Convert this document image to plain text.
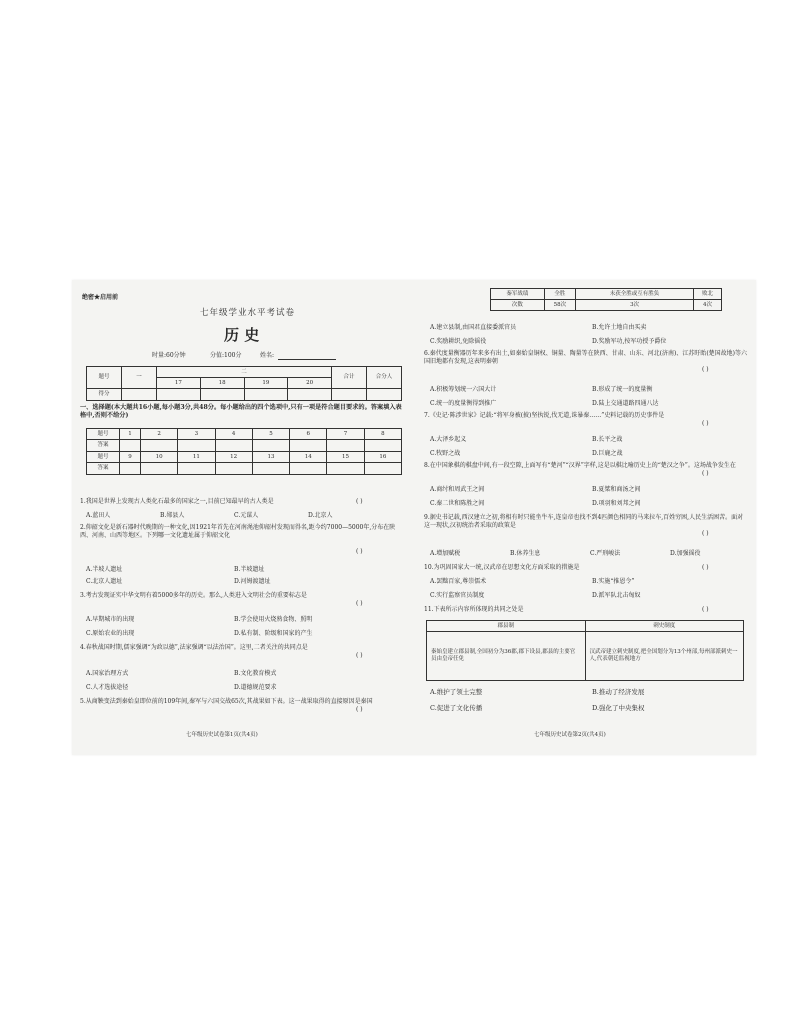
绝密★启用前
七年级学业水平考试卷
历 史
时量:60分钟	分值:100分	姓名:
题号	一	二				合计	合分人
		17	18	19	20		
得分							
一、选择题(本大题共16小题,每小题3分,共48分。每小题给出的四个选项中,只有一项是符合题目要求的。答案填入表格中,否则不给分)
题号	1	2	3	4	5	6	7	8
答案								
题号	9	10	11	12	13	14	15	16
答案								
1.我国是世界上发现古人类化石最多的国家之一,目前已知最早的古人类是	( )
A.蓝田人	B.郧县人	C.元谋人	D.北京人
2.仰韶文化是新石器时代晚期的一种文化,因1921年首先在河南渑池仰韶村发现而得名,距今约7000—5000年,分布在陕西、河南、山西等地区。下列哪一文化遗址属于仰韶文化
( )
A.半坡人遗址	B.半坡遗址
C.北京人遗址	D.河姆渡遗址
3.考古发现证实中华文明有着5000多年的历史。那么,人类进入文明社会的重要标志是
( )
A.早期城市的出现	B.学会使用火烧熟食物、照明
C.原始农业的出现	D.私有制、阶级和国家的产生
4.春秋战国时期,儒家强调“为政以德”,法家强调“以法治国”。这里,二者关注的共同点是
( )
A.国家治理方式	B.文化教育模式
C.人才选拔途径	D.道德规范要求
5.从商鞅变法到秦始皇即位前的109年间,秦军与六国交战65次,其战果如下表。这一战果取得的直接原因是秦国
( )
七年级历史试卷第1页(共4页)
秦军战绩	全胜	未获全胜或互有胜负	败北
次数	58次	3次	4次
A.建立县制,由国君直接委派官员	B.允许土地自由买卖
C.奖励耕织,免除徭役	D.奖励军功,按军功授予爵位
6.秦代度量衡器历年来多有出土,如秦始皇铜权、铜量、陶量等在陕西、甘肃、山东、河北(济南)、江苏盱眙(楚国故地)等六国旧地都有发现,这表明秦朝
( )
A.积极筹划统一六国大计	B.形成了统一的度量衡
C.统一的度量衡得到推广	D.陆上交通道路四通八达
7.《史记·陈涉世家》记载:“将军身被(披)坚执锐,伐无道,诛暴秦……”史料记载的历史事件是
( )
A.大泽乡起义	B.长平之战
C.牧野之战	D.巨鹿之战
8.在中国象棋的棋盘中间,有一段空隙,上面写有“楚河”“汉界”字样,这是以棋比喻历史上的“楚汉之争”。这场战争发生在
( )
A.商纣和周武王之间	B.夏桀和商汤之间
C.秦二世和陈胜之间	D.项羽和刘邦之间
9.据史书记载,西汉建立之初,将相有时只能坐牛车,连皇帝也找不到4匹颜色相同的马来拉车,百姓穷困,人民生活困苦。面对这一现状,汉初统治者采取的政策是
( )
A.增加赋税	B.休养生息	C.严刑峻法	D.加强徭役
10.为巩固国家大一统,汉武帝在思想文化方面采取的措施是	( )
A.罢黜百家,尊崇儒术	B.实施“推恩令”
C.实行监察官员制度	D.派军队北击匈奴
11.下表所示内容所体现的共同之处是	( )
郡县制	刺史制度
秦始皇建立郡县制,全国初分为36郡,郡下设县,郡县的主要官员由皇帝任免	汉武帝建立刺史制度,把全国划分为13个州部,每州部派刺史一人,代表朝廷监视地方
A.维护了领土完整	B.推动了经济发展
C.促进了文化传播	D.强化了中央集权
七年级历史试卷第2页(共4页)
